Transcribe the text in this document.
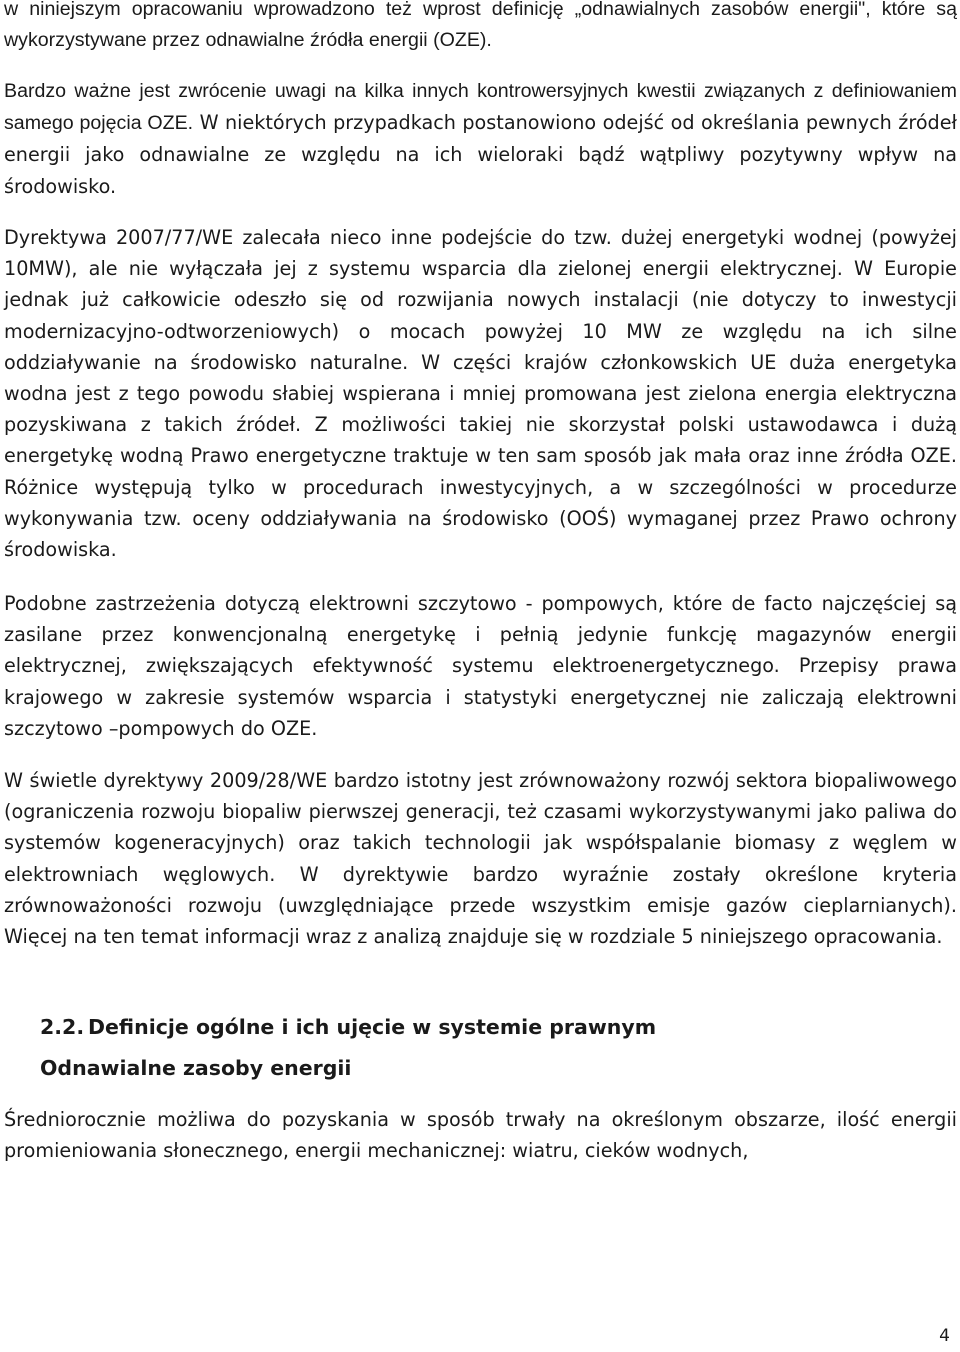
w niniejszym opracowaniu wprowadzono też wprost definicję „odnawialnych zasobów energii", które są wykorzystywane przez odnawialne źródła energii (OZE).

Bardzo ważne jest zwrócenie uwagi na kilka innych kontrowersyjnych kwestii związanych z definiowaniem samego pojęcia OZE. W niektórych przypadkach postanowiono odejść od określania pewnych źródeł energii jako odnawialne ze względu na ich wieloraki bądź wątpliwy pozytywny wpływ na środowisko.

Dyrektywa 2007/77/WE zalecała nieco inne podejście do tzw. dużej energetyki wodnej (powyżej 10MW), ale nie wyłączała jej z systemu wsparcia dla zielonej energii elektrycznej. W Europie jednak już całkowicie odeszło się od rozwijania nowych instalacji (nie dotyczy to inwestycji modernizacyjno-odtworzeniowych) o mocach powyżej 10 MW ze względu na ich silne oddziaływanie na środowisko naturalne. W części krajów członkowskich UE duża energetyka wodna jest z tego powodu słabiej wspierana i mniej promowana jest zielona energia elektryczna pozyskiwana z takich źródeł. Z możliwości takiej nie skorzystał polski ustawodawca i dużą energetykę wodną Prawo energetyczne traktuje w ten sam sposób jak mała oraz inne źródła OZE. Różnice występują tylko w procedurach inwestycyjnych, a w szczególności w procedurze wykonywania tzw. oceny oddziaływania na środowisko (OOŚ) wymaganej przez Prawo ochrony środowiska.

Podobne zastrzeżenia dotyczą elektrowni szczytowo - pompowych, które de facto najczęściej są zasilane przez konwencjonalną energetykę i pełnią jedynie funkcję magazynów energii elektrycznej, zwiększających efektywność systemu elektroenergetycznego. Przepisy prawa krajowego w zakresie systemów wsparcia i statystyki energetycznej nie zaliczają elektrowni szczytowo –pompowych do OZE.

W świetle dyrektywy 2009/28/WE bardzo istotny jest zrównoważony rozwój sektora biopaliwowego (ograniczenia rozwoju biopaliw pierwszej generacji, też czasami wykorzystywanymi jako paliwa do systemów kogeneracyjnych) oraz takich technologii jak współspalanie biomasy z węglem w elektrowniach węglowych. W dyrektywie bardzo wyraźnie zostały określone kryteria zrównoważoności rozwoju (uwzględniające przede wszystkim emisje gazów cieplarnianych). Więcej na ten temat informacji wraz z analizą znajduje się w rozdziale 5 niniejszego opracowania.

2.2. Definicje ogólne i ich ujęcie w systemie prawnym
Odnawialne zasoby energii

Średniorocznie możliwa do pozyskania w sposób trwały na określonym obszarze, ilość energii promieniowania słonecznego, energii mechanicznej: wiatru, cieków wodnych,

4
